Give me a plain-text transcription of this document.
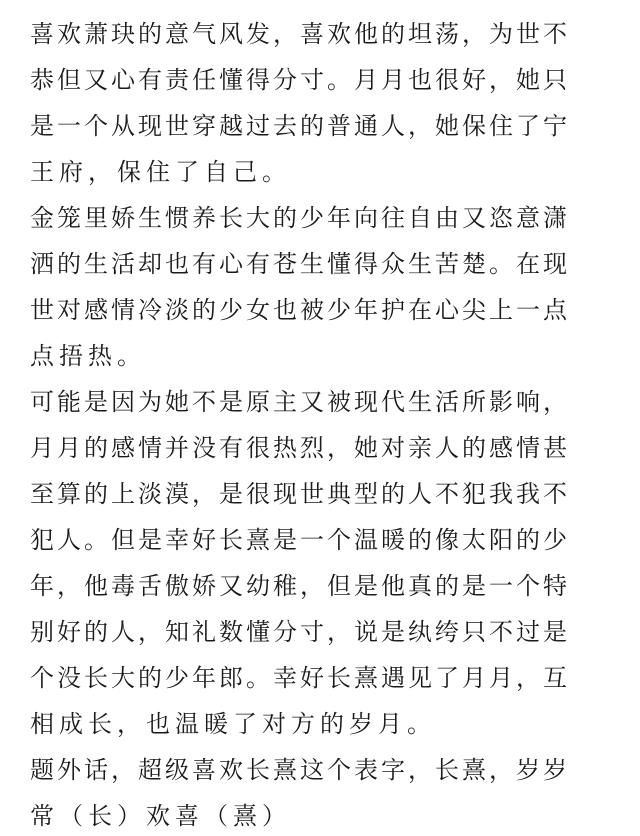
喜欢萧玦的意气风发，喜欢他的坦荡，为世不
恭但又心有责任懂得分寸。月月也很好，她只
是一个从现世穿越过去的普通人，她保住了宁
王府，保住了自己。
金笼里娇生惯养长大的少年向往自由又恣意潇
洒的生活却也有心有苍生懂得众生苦楚。在现
世对感情冷淡的少女也被少年护在心尖上一点
点捂热。
可能是因为她不是原主又被现代生活所影响，
月月的感情并没有很热烈，她对亲人的感情甚
至算的上淡漠，是很现世典型的人不犯我我不
犯人。但是幸好长熹是一个温暖的像太阳的少
年，他毒舌傲娇又幼稚，但是他真的是一个特
别好的人，知礼数懂分寸，说是纨绔只不过是
个没长大的少年郎。幸好长熹遇见了月月，互
相成长，也温暖了对方的岁月。
题外话，超级喜欢长熹这个表字，长熹，岁岁
常（长）欢喜（熹）
